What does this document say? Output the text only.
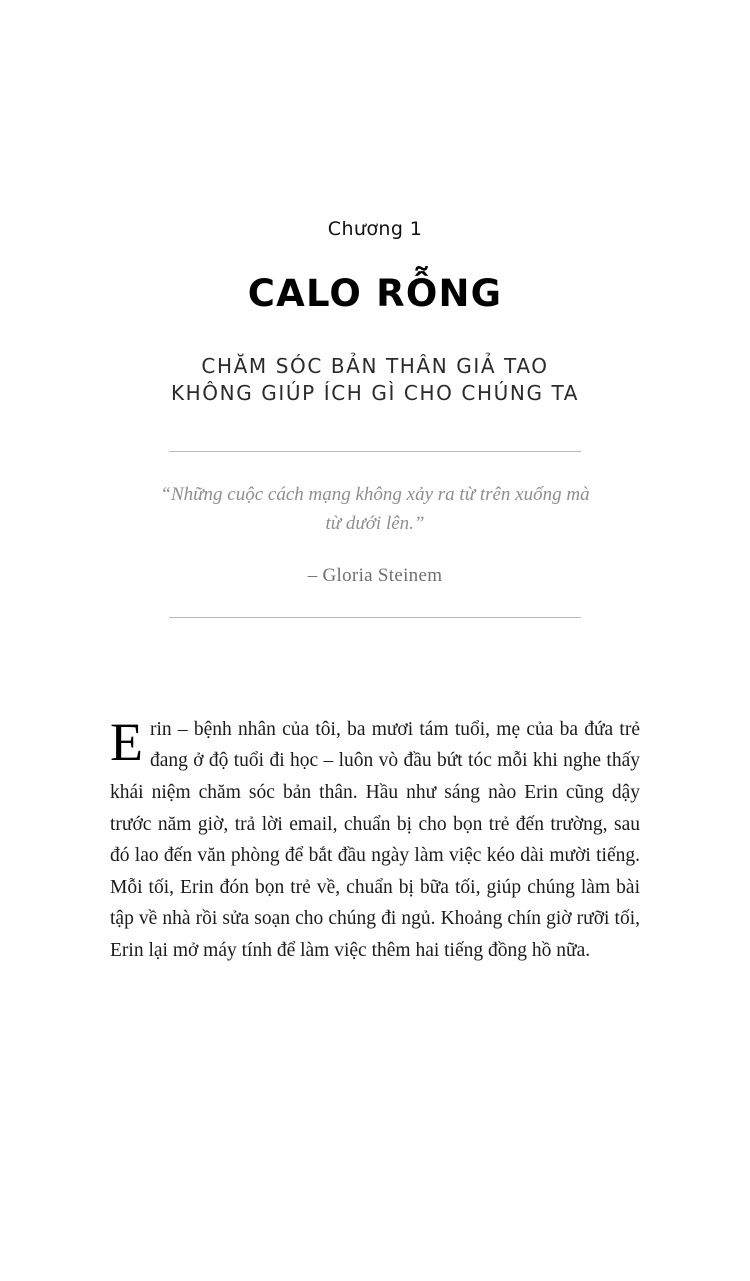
Chương 1
CALO RỖNG
CHĂM SÓC BẢN THÂN GIẢ TAO
KHÔNG GIÚP ÍCH GÌ CHO CHÚNG TA
“Những cuộc cách mạng không xảy ra từ trên xuống mà từ dưới lên.”
– Gloria Steinem

Erin – bệnh nhân của tôi, ba mươi tám tuổi, mẹ của ba đứa trẻ đang ở độ tuổi đi học – luôn vò đầu bứt tóc mỗi khi nghe thấy khái niệm chăm sóc bản thân. Hầu như sáng nào Erin cũng dậy trước năm giờ, trả lời email, chuẩn bị cho bọn trẻ đến trường, sau đó lao đến văn phòng để bắt đầu ngày làm việc kéo dài mười tiếng. Mỗi tối, Erin đón bọn trẻ về, chuẩn bị bữa tối, giúp chúng làm bài tập về nhà rồi sửa soạn cho chúng đi ngủ. Khoảng chín giờ rưỡi tối, Erin lại mở máy tính để làm việc thêm hai tiếng đồng hồ nữa.
